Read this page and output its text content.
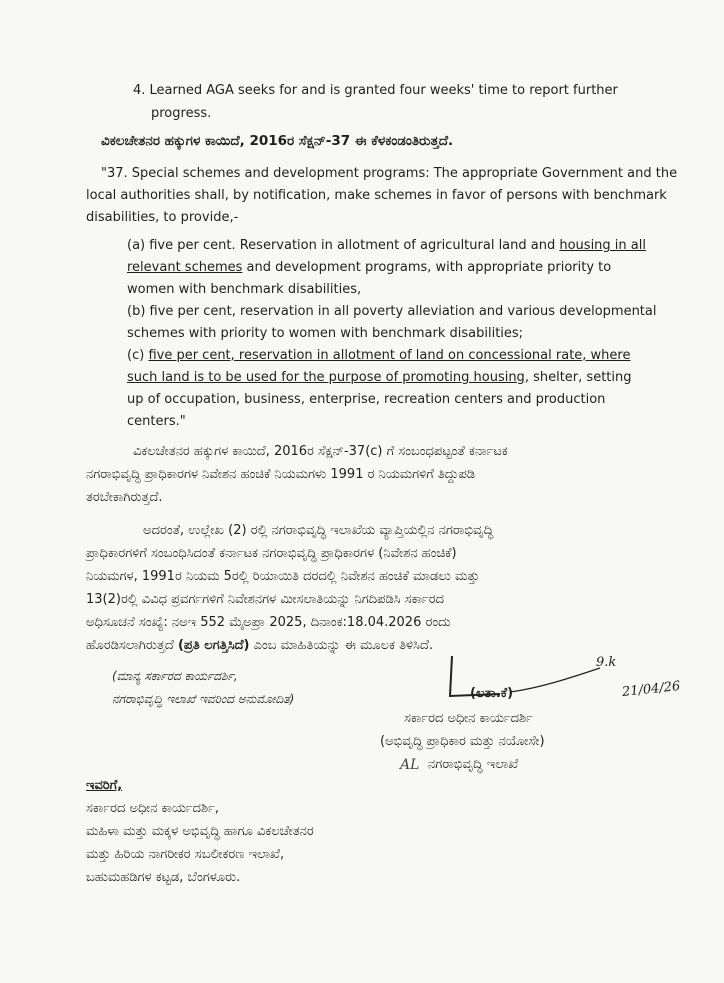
4. Learned AGA seeks for and is granted four weeks' time to report further
progress.
ವಿಕಲಚೇತನರ ಹಕ್ಕುಗಳ ಕಾಯಿದೆ, 2016ರ ಸೆಕ್ಷನ್-37 ಈ ಕೆಳಕಂಡಂತಿರುತ್ತದೆ.
"37. Special schemes and development programs: The appropriate Government and the
local authorities shall, by notification, make schemes in favor of persons with benchmark
disabilities, to provide,-
(a) five per cent. Reservation in allotment of agricultural land and housing in all
relevant schemes and development programs, with appropriate priority to
women with benchmark disabilities,
(b) five per cent, reservation in all poverty alleviation and various developmental
schemes with priority to women with benchmark disabilities;
(c) five per cent, reservation in allotment of land on concessional rate, where
such land is to be used for the purpose of promoting housing, shelter, setting
up of occupation, business, enterprise, recreation centers and production
centers."
ವಿಕಲಚೇತನರ ಹಕ್ಕುಗಳ ಕಾಯಿದೆ, 2016ರ ಸೆಕ್ಷನ್-37(c) ಗೆ ಸಂಬಂಧಪಟ್ಟಂತೆ ಕರ್ನಾಟಕ
ನಗರಾಭಿವೃದ್ಧಿ ಪ್ರಾಧಿಕಾರಗಳ ನಿವೇಶನ ಹಂಚಿಕೆ ನಿಯಮಗಳು 1991 ರ ನಿಯಮಗಳಿಗೆ ತಿದ್ದುಪಡಿ
ತರಬೇಕಾಗಿರುತ್ತದೆ.
ಅದರಂತೆ, ಉಲ್ಲೇಖ (2) ರಲ್ಲಿ ನಗರಾಭಿವೃದ್ಧಿ ಇಲಾಖೆಯ ವ್ಯಾಪ್ತಿಯಲ್ಲಿನ ನಗರಾಭಿವೃದ್ಧಿ
ಪ್ರಾಧಿಕಾರಗಳಿಗೆ ಸಂಬಂಧಿಸಿದಂತೆ ಕರ್ನಾಟಕ ನಗರಾಭಿವೃದ್ಧಿ ಪ್ರಾಧಿಕಾರಗಳ (ನಿವೇಶನ ಹಂಚಿಕೆ)
ನಿಯಮಗಳ, 1991ರ ನಿಯಮ 5ರಲ್ಲಿ ರಿಯಾಯಿತಿ ದರದಲ್ಲಿ ನಿವೇಶನ ಹಂಚಿಕೆ ಮಾಡಲು ಮತ್ತು
13(2)ರಲ್ಲಿ ವಿವಿಧ ಪ್ರವರ್ಗಗಳಿಗೆ ನಿವೇಶನಗಳ ಮೀಸಲಾತಿಯನ್ನು ನಿಗದಿಪಡಿಸಿ ಸರ್ಕಾರದ
ಅಧಿಸೂಚನೆ ಸಂಖ್ಯೆ: ನಅಇ 552 ಮೈಅಪ್ರಾ 2025, ದಿನಾಂಕ:18.04.2026 ರಂದು
ಹೊರಡಿಸಲಾಗಿರುತ್ತದೆ (ಪ್ರತಿ ಲಗತ್ತಿಸಿದೆ) ಎಂಬ ಮಾಹಿತಿಯನ್ನು ಈ ಮೂಲಕ ತಿಳಿಸಿದೆ.
(ಮಾನ್ಯ ಸರ್ಕಾರದ ಕಾರ್ಯದರ್ಶಿ,
ನಗರಾಭಿವೃದ್ಧಿ ಇಲಾಖೆ ಇವರಿಂದ ಅನುಮೋದಿತ)
9.k
21/04/26
(ಲತಾ.ಕೆ)
ಸರ್ಕಾರದ ಅಧೀನ ಕಾರ್ಯದರ್ಶಿ
(ಅಭಿವೃದ್ಧಿ ಪ್ರಾಧಿಕಾರ ಮತ್ತು ನಯೋಸೇ)
ನಗರಾಭಿವೃದ್ಧಿ ಇಲಾಖೆ
AL
ಇವರಿಗೆ,
ಸರ್ಕಾರದ ಅಧೀನ ಕಾರ್ಯದರ್ಶಿ,
ಮಹಿಳಾ ಮತ್ತು ಮಕ್ಕಳ ಅಭಿವೃದ್ಧಿ ಹಾಗೂ ವಿಕಲಚೇತನರ
ಮತ್ತು ಹಿರಿಯ ನಾಗರೀಕರ ಸಬಲೀಕರಣ ಇಲಾಖೆ,
ಬಹುಮಹಡಿಗಳ ಕಟ್ಟಡ, ಬೆಂಗಳೂರು.
